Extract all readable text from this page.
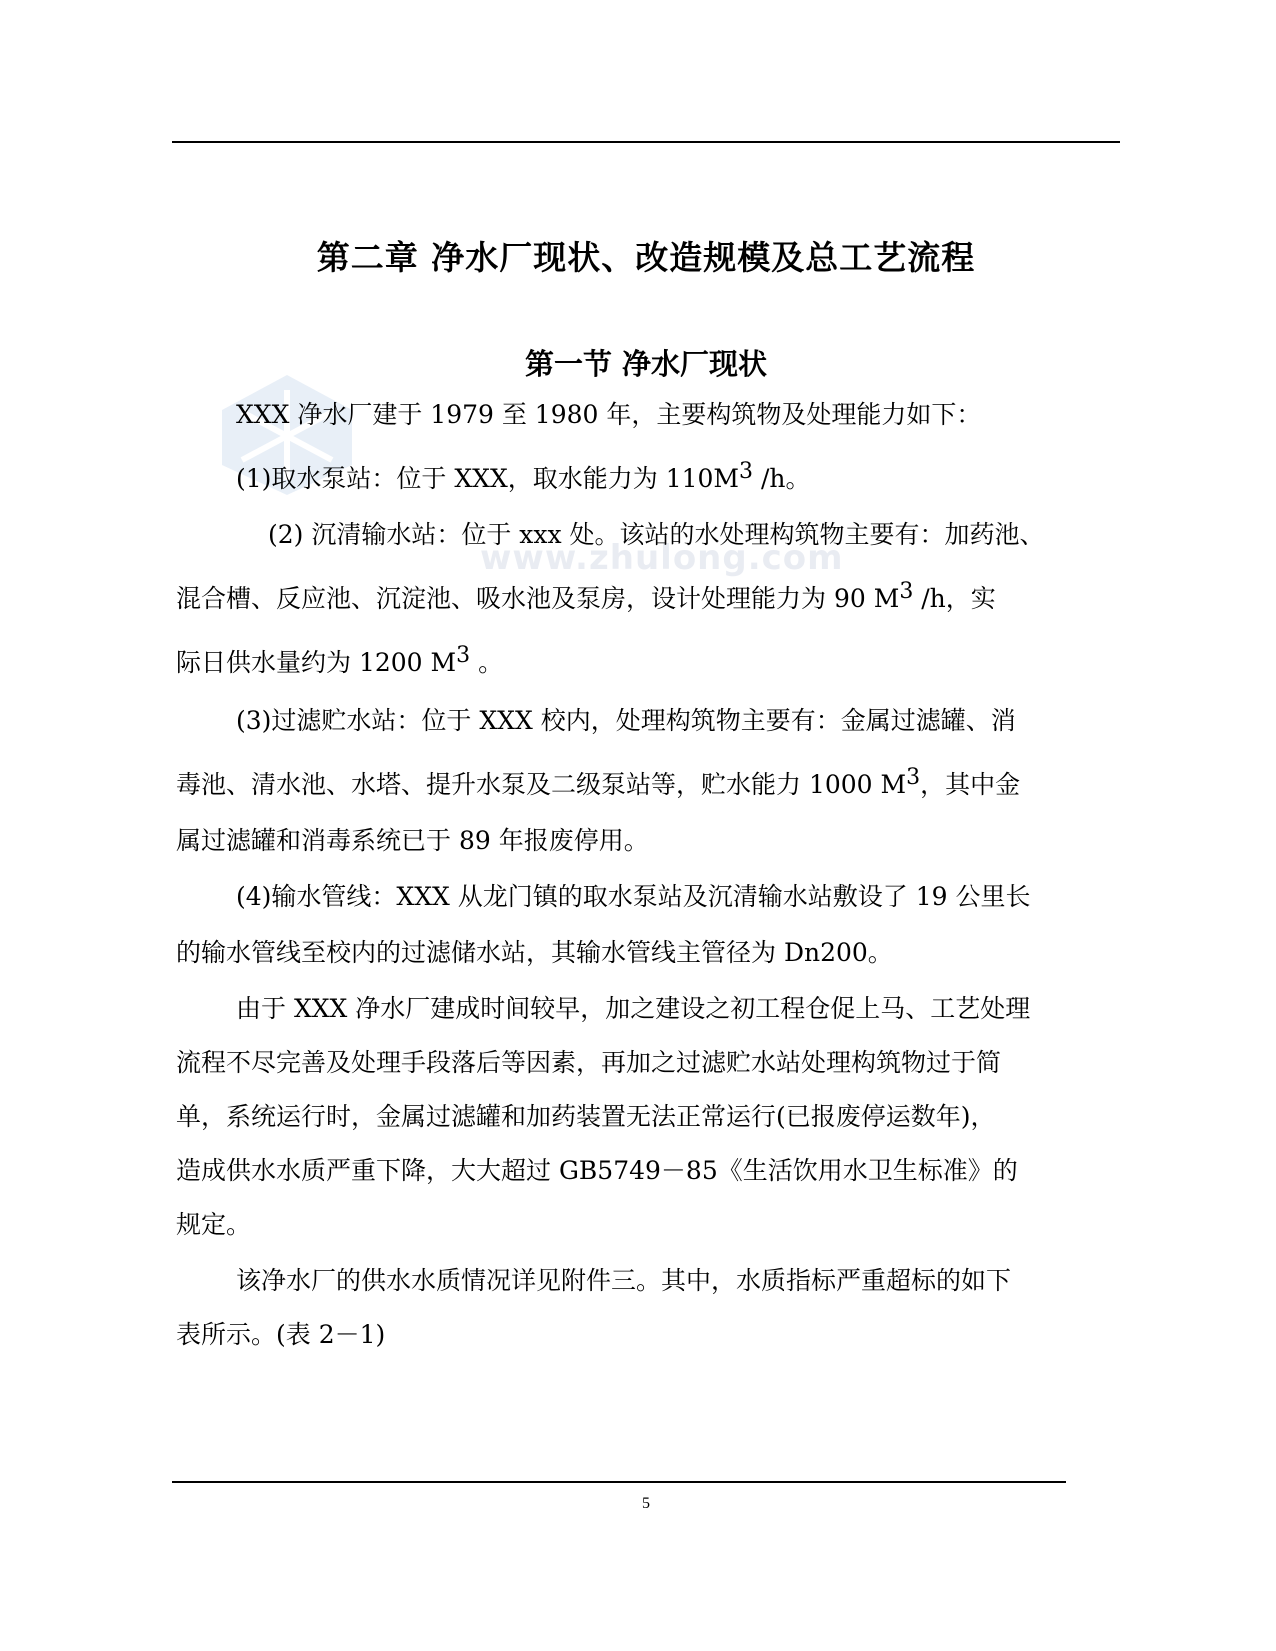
www.zhulong.com
第二章 净水厂现状、改造规模及总工艺流程
第一节 净水厂现状
XXX 净水厂建于 1979 至 1980 年，主要构筑物及处理能力如下：
(1)取水泵站：位于 XXX，取水能力为 $110M^3$ /h。
(2) 沉清输水站：位于 xxx 处。该站的水处理构筑物主要有：加药池、
混合槽、反应池、沉淀池、吸水池及泵房，设计处理能力为 90 $M^3$ /h，实
际日供水量约为 1200 $M^3$ 。
(3)过滤贮水站：位于 XXX 校内，处理构筑物主要有：金属过滤罐、消
毒池、清水池、水塔、提升水泵及二级泵站等，贮水能力 1000 $M^3$，其中金
属过滤罐和消毒系统已于 89 年报废停用。
(4)输水管线：XXX 从龙门镇的取水泵站及沉清输水站敷设了 19 公里长
的输水管线至校内的过滤储水站，其输水管线主管径为 Dn200。
由于 XXX 净水厂建成时间较早，加之建设之初工程仓促上马、工艺处理
流程不尽完善及处理手段落后等因素，再加之过滤贮水站处理构筑物过于简
单，系统运行时，金属过滤罐和加药装置无法正常运行(已报废停运数年)，
造成供水水质严重下降，大大超过 GB5749－85《生活饮用水卫生标准》的
规定。
该净水厂的供水水质情况详见附件三。其中，水质指标严重超标的如下
表所示。(表 2－1)
5
